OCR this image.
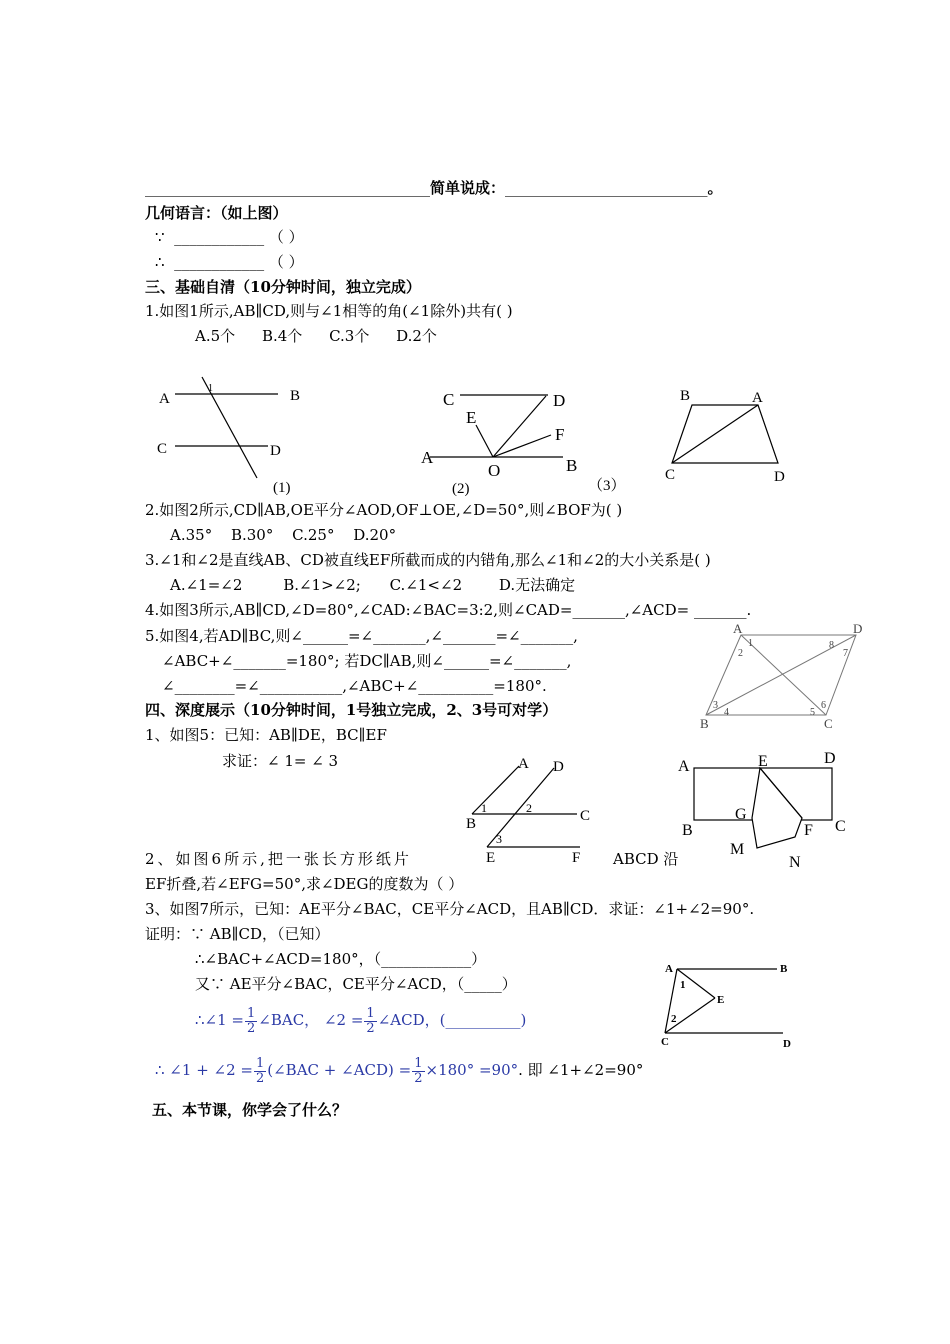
______________________________________简单说成：___________________________。
几何语言：（如上图）
∵ ____________ （ ）
∴ ____________ （ ）
三、基础自清（10分钟时间，独立完成）
1.如图1所示,AB∥CD,则与∠1相等的角(∠1除外)共有( )
A.5个 B.4个 C.3个 D.2个
A	B
C	D
1
(1)
C	D
E
F
A
O	B
(2)	（3）
B	A
C	D
2.如图2所示,CD∥AB,OE平分∠AOD,OF⊥OE,∠D=50°,则∠BOF为( )
A.35° B.30° C.25° D.20°
3.∠1和∠2是直线AB、CD被直线EF所截而成的内错角,那么∠1和∠2的大小关系是( )
A.∠1=∠2	B.∠1>∠2; C.∠1<∠2 D.无法确定
4.如图3所示,AB∥CD,∠D=80°,∠CAD:∠BAC=3:2,则∠CAD=_______,∠ACD= _______.
5.如图4,若AD∥BC,则∠______=∠_______,∠_______=∠_______,
∠ABC+∠_______=180°; 若DC∥AB,则∠______=∠_______,
∠________=∠___________,∠ABC+∠__________=180°.
A	D
B	C
1
2
3
4	5
6
7
8
四、深度展示（10分钟时间，1号独立完成，2、3号可对学）
1、如图5：已知：AB∥DE，BC∥EF
求证：∠ 1= ∠ 3	A D
B	C
E	F
1	2
3
A	E	D
B	C
G
F
M
N
2、如图6所示,把一张长方形纸片	ABCD 沿
EF折叠,若∠EFG=50°,求∠DEG的度数为（ ）
3、如图7所示，已知：AE平分∠BAC，CE平分∠ACD，且AB∥CD．求证：∠1+∠2=90°.
证明：∵ AB∥CD，（已知）
∴∠BAC+∠ACD=180°，（____________）
又∵ AE平分∠BAC，CE平分∠ACD，（_____）
∴∠1 = $\frac{1}{2}$ ∠BAC， ∠2 = $\frac{1}{2}$ ∠ACD，(__________)
∴ ∠1 + ∠2 = $\frac{1}{2}$ (∠BAC + ∠ACD) = $\frac{1}{2} \times 180^\circ =90^\circ$. 即 ∠1+∠2=90°
A	B
E
C	D
1
2
五、本节课，你学会了什么？
